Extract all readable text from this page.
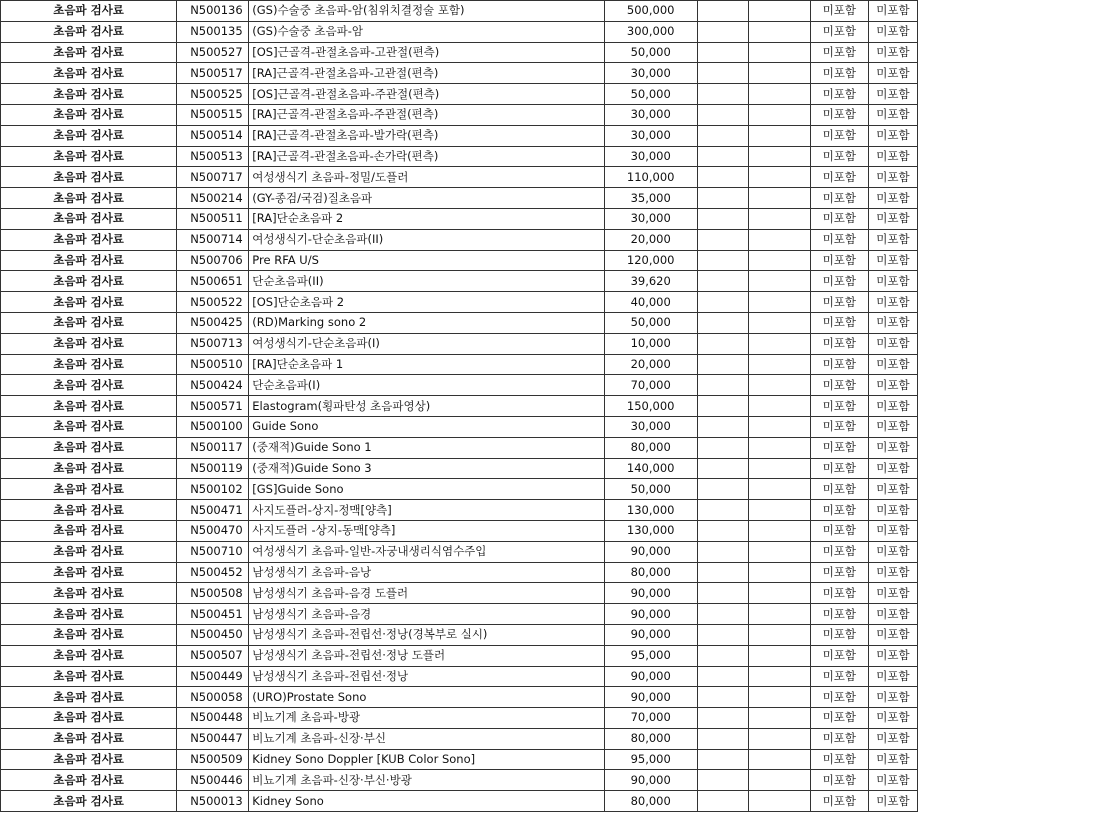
초음파 검사료	N500136	(GS)수술중 초음파-암(침위치결정술 포함)	500,000			미포함	미포함
초음파 검사료	N500135	(GS)수술중 초음파-암	300,000			미포함	미포함
초음파 검사료	N500527	[OS]근골격-관절초음파-고관절(편측)	50,000			미포함	미포함
초음파 검사료	N500517	[RA]근골격-관절초음파-고관절(편측)	30,000			미포함	미포함
초음파 검사료	N500525	[OS]근골격-관절초음파-주관절(편측)	50,000			미포함	미포함
초음파 검사료	N500515	[RA]근골격-관절초음파-주관절(편측)	30,000			미포함	미포함
초음파 검사료	N500514	[RA]근골격-관절초음파-발가락(편측)	30,000			미포함	미포함
초음파 검사료	N500513	[RA]근골격-관절초음파-손가락(편측)	30,000			미포함	미포함
초음파 검사료	N500717	여성생식기 초음파-정밀/도플러	110,000			미포함	미포함
초음파 검사료	N500214	(GY-종검/국검)질초음파	35,000			미포함	미포함
초음파 검사료	N500511	[RA]단순초음파 2	30,000			미포함	미포함
초음파 검사료	N500714	여성생식기-단순초음파(II)	20,000			미포함	미포함
초음파 검사료	N500706	Pre RFA U/S	120,000			미포함	미포함
초음파 검사료	N500651	단순초음파(II)	39,620			미포함	미포함
초음파 검사료	N500522	[OS]단순초음파 2	40,000			미포함	미포함
초음파 검사료	N500425	(RD)Marking sono 2	50,000			미포함	미포함
초음파 검사료	N500713	여성생식기-단순초음파(Ⅰ)	10,000			미포함	미포함
초음파 검사료	N500510	[RA]단순초음파 1	20,000			미포함	미포함
초음파 검사료	N500424	단순초음파(Ⅰ)	70,000			미포함	미포함
초음파 검사료	N500571	Elastogram(횡파탄성 초음파영상)	150,000			미포함	미포함
초음파 검사료	N500100	Guide Sono	30,000			미포함	미포함
초음파 검사료	N500117	(중재적)Guide Sono 1	80,000			미포함	미포함
초음파 검사료	N500119	(중재적)Guide Sono 3	140,000			미포함	미포함
초음파 검사료	N500102	[GS]Guide Sono	50,000			미포함	미포함
초음파 검사료	N500471	사지도플러-상지-정맥[양측]	130,000			미포함	미포함
초음파 검사료	N500470	사지도플러 -상지-동맥[양측]	130,000			미포함	미포함
초음파 검사료	N500710	여성생식기 초음파-일반-자궁내생리식염수주입	90,000			미포함	미포함
초음파 검사료	N500452	남성생식기 초음파-음낭	80,000			미포함	미포함
초음파 검사료	N500508	남성생식기 초음파-음경 도플러	90,000			미포함	미포함
초음파 검사료	N500451	남성생식기 초음파-음경	90,000			미포함	미포함
초음파 검사료	N500450	남성생식기 초음파-전립선·정낭(경복부로 실시)	90,000			미포함	미포함
초음파 검사료	N500507	남성생식기 초음파-전립선·정낭 도플러	95,000			미포함	미포함
초음파 검사료	N500449	남성생식기 초음파-전립선·정낭	90,000			미포함	미포함
초음파 검사료	N500058	(URO)Prostate Sono	90,000			미포함	미포함
초음파 검사료	N500448	비뇨기계 초음파-방광	70,000			미포함	미포함
초음파 검사료	N500447	비뇨기계 초음파-신장·부신	80,000			미포함	미포함
초음파 검사료	N500509	Kidney Sono Doppler [KUB Color Sono]	95,000			미포함	미포함
초음파 검사료	N500446	비뇨기계 초음파-신장·부신·방광	90,000			미포함	미포함
초음파 검사료	N500013	Kidney Sono	80,000			미포함	미포함
